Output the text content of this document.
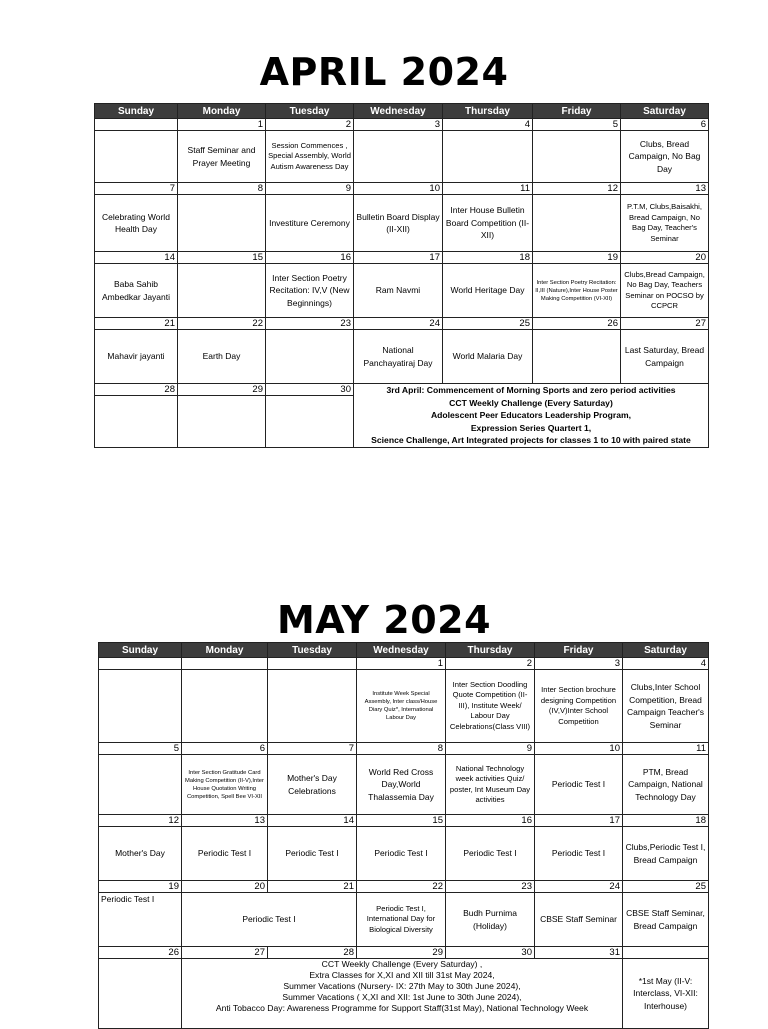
APRIL 2024
Sunday	Monday	Tuesday	Wednesday	Thursday	Friday	Saturday
	1	2	3	4	5	6
	Staff Seminar and Prayer Meeting	Session Commences , Special Assembly, World Autism Awareness Day				Clubs, Bread Campaign, No Bag Day
7	8	9	10	11	12	13
Celebrating World Health Day		Investiture Ceremony	Bulletin Board Display (II-XII)	Inter House Bulletin Board Competition (II-XII)		P.T.M, Clubs,Baisakhi, Bread Campaign, No Bag Day, Teacher's Seminar
14	15	16	17	18	19	20
Baba Sahib Ambedkar Jayanti		Inter Section Poetry Recitation: IV,V (New Beginnings)	Ram Navmi	World Heritage Day	Inter Section Poetry Recitation: II,III (Nature),Inter House Poster Making Competition (VI-XII)	Clubs,Bread Campaign, No Bag Day, Teachers Seminar on POCSO by CCPCR
21	22	23	24	25	26	27
Mahavir jayanti	Earth Day		National Panchayatiraj Day	World Malaria Day		Last Saturday, Bread Campaign
28	29	30	3rd April: Commencement of Morning Sports and zero period activities
CCT Weekly Challenge (Every Saturday)
Adolescent Peer Educators Leadership Program,
Expression Series Quartert 1,
Science Challenge, Art Integrated projects for classes 1 to 10 with paired state			

MAY 2024
Sunday	Monday	Tuesday	Wednesday	Thursday	Friday	Saturday
			1	2	3	4
			Institute Week Special Assembly, Inter class/House Diary Quiz*, International Labour Day	Inter Section Doodling Quote Competition (II-III), Institute Week/ Labour Day Celebrations(Class VIII)	Inter Section brochure designing Competition (IV,V)Inter School Competition	Clubs,Inter School Competition, Bread Campaign Teacher's Seminar
5	6	7	8	9	10	11
	Inter Section Gratitude Card Making Competition (II-V),Inter House Quotation Writing Competition, Spell Bee VI-XII	Mother's Day Celebrations	World Red Cross Day,World Thalassemia Day	National Technology week activities Quiz/ poster, Int Museum Day activities	Periodic Test I	PTM, Bread Campaign, National Technology Day
12	13	14	15	16	17	18
Mother's Day	Periodic Test I	Periodic Test I	Periodic Test I	Periodic Test I	Periodic Test I	Clubs,Periodic Test I, Bread Campaign
19	20	21	22	23	24	25
Periodic Test I	Periodic Test I		Periodic Test I, International Day for Biological Diversity	Budh Purnima (Holiday)	CBSE Staff Seminar	CBSE Staff Seminar, Bread Campaign
26	27	28	29	30	31	

	CCT Weekly Challenge (Every Saturday) ,
Extra Classes for X,XI and XII till 31st May 2024,
Summer Vacations (Nursery- IX: 27th May to 30th June 2024),
Summer Vacations ( X,XI and XII: 1st June to 30th June 2024),
Anti Tobacco Day: Awareness Programme for Support Staff(31st May), National Technology Week					*1st May (II-V: Interclass, VI-XII: Interhouse)
